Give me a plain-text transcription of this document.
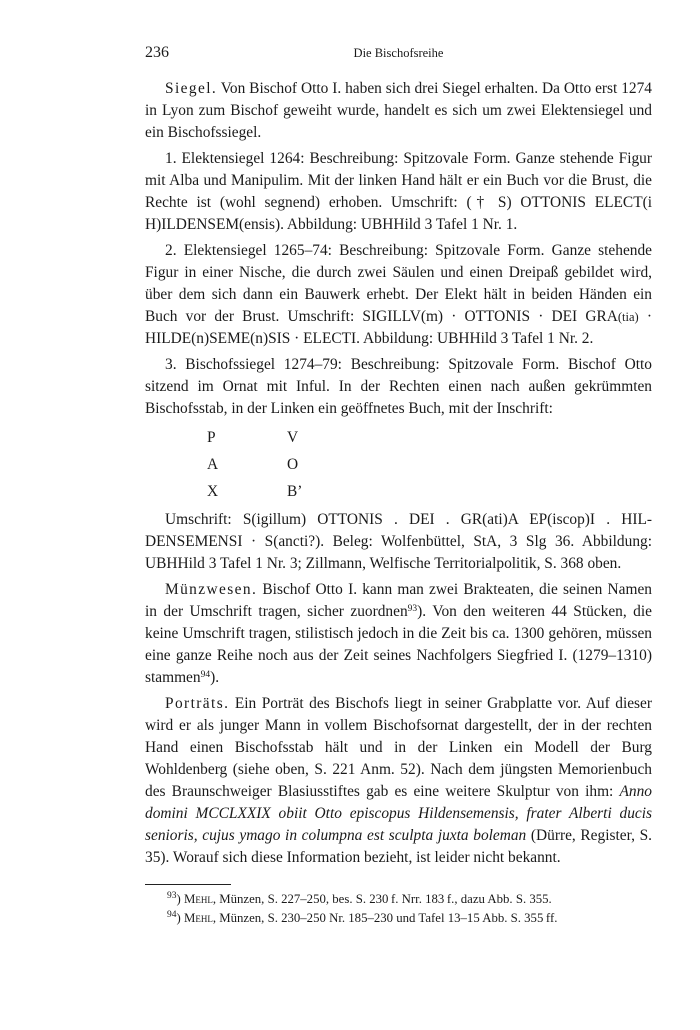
236	Die Bischofsreihe

Siegel. Von Bischof Otto I. haben sich drei Siegel erhalten. Da Otto erst 1274 in Lyon zum Bischof geweiht wurde, handelt es sich um zwei Elektensiegel und ein Bischofssiegel.

1. Elektensiegel 1264: Beschreibung: Spitzovale Form. Ganze stehende Figur mit Alba und Manipulim. Mit der linken Hand hält er ein Buch vor die Brust, die Rechte ist (wohl segnend) erhoben. Umschrift: († S) OTTONIS ELECT(i H)ILDENSEM(ensis). Abbildung: UBHHild 3 Tafel 1 Nr. 1.

2. Elektensiegel 1265–74: Beschreibung: Spitzovale Form. Ganze stehende Figur in einer Nische, die durch zwei Säulen und einen Dreipaß gebildet wird, über dem sich dann ein Bauwerk erhebt. Der Elekt hält in beiden Händen ein Buch vor der Brust. Umschrift: SIGILLV(m) · OTTONIS · DEI GRA(tia) · HILDE(n)SEME(n)SIS · ELECTI. Abbildung: UBHHild 3 Tafel 1 Nr. 2.

3. Bischofssiegel 1274–79: Beschreibung: Spitzovale Form. Bischof Otto sitzend im Ornat mit Inful. In der Rechten einen nach außen gekrümmten Bischofsstab, in der Linken ein geöffnetes Buch, mit der Inschrift:

P	V
A	O
X	B’

Umschrift: S(igillum) OTTONIS . DEI . GR(ati)A EP(iscop)I . HILDENSEMENSI · S(ancti?). Beleg: Wolfenbüttel, StA, 3 Slg 36. Abbildung: UBHHild 3 Tafel 1 Nr. 3; Zillmann, Welfische Territorialpolitik, S. 368 oben.

Münzwesen. Bischof Otto I. kann man zwei Brakteaten, die seinen Namen in der Umschrift tragen, sicher zuordnen$^{93}$). Von den weiteren 44 Stücken, die keine Umschrift tragen, stilistisch jedoch in die Zeit bis ca. 1300 gehören, müssen eine ganze Reihe noch aus der Zeit seines Nachfolgers Siegfried I. (1279–1310) stammen$^{94}$).

Porträts. Ein Porträt des Bischofs liegt in seiner Grabplatte vor. Auf dieser wird er als junger Mann in vollem Bischofsornat dargestellt, der in der rechten Hand einen Bischofsstab hält und in der Linken ein Modell der Burg Wohldenberg (siehe oben, S. 221 Anm. 52). Nach dem jüngsten Memorienbuch des Braunschweiger Blasiusstiftes gab es eine weitere Skulptur von ihm: Anno domini MCCLXXIX obiit Otto episcopus Hildensemensis, frater Alberti ducis senioris, cujus ymago in columpna est sculpta juxta boleman (Dürre, Register, S. 35). Worauf sich diese Information bezieht, ist leider nicht bekannt.

$^{93}$) Mehl, Münzen, S. 227–250, bes. S. 230 f. Nrr. 183 f., dazu Abb. S. 355.
$^{94}$) Mehl, Münzen, S. 230–250 Nr. 185–230 und Tafel 13–15 Abb. S. 355 ff.
